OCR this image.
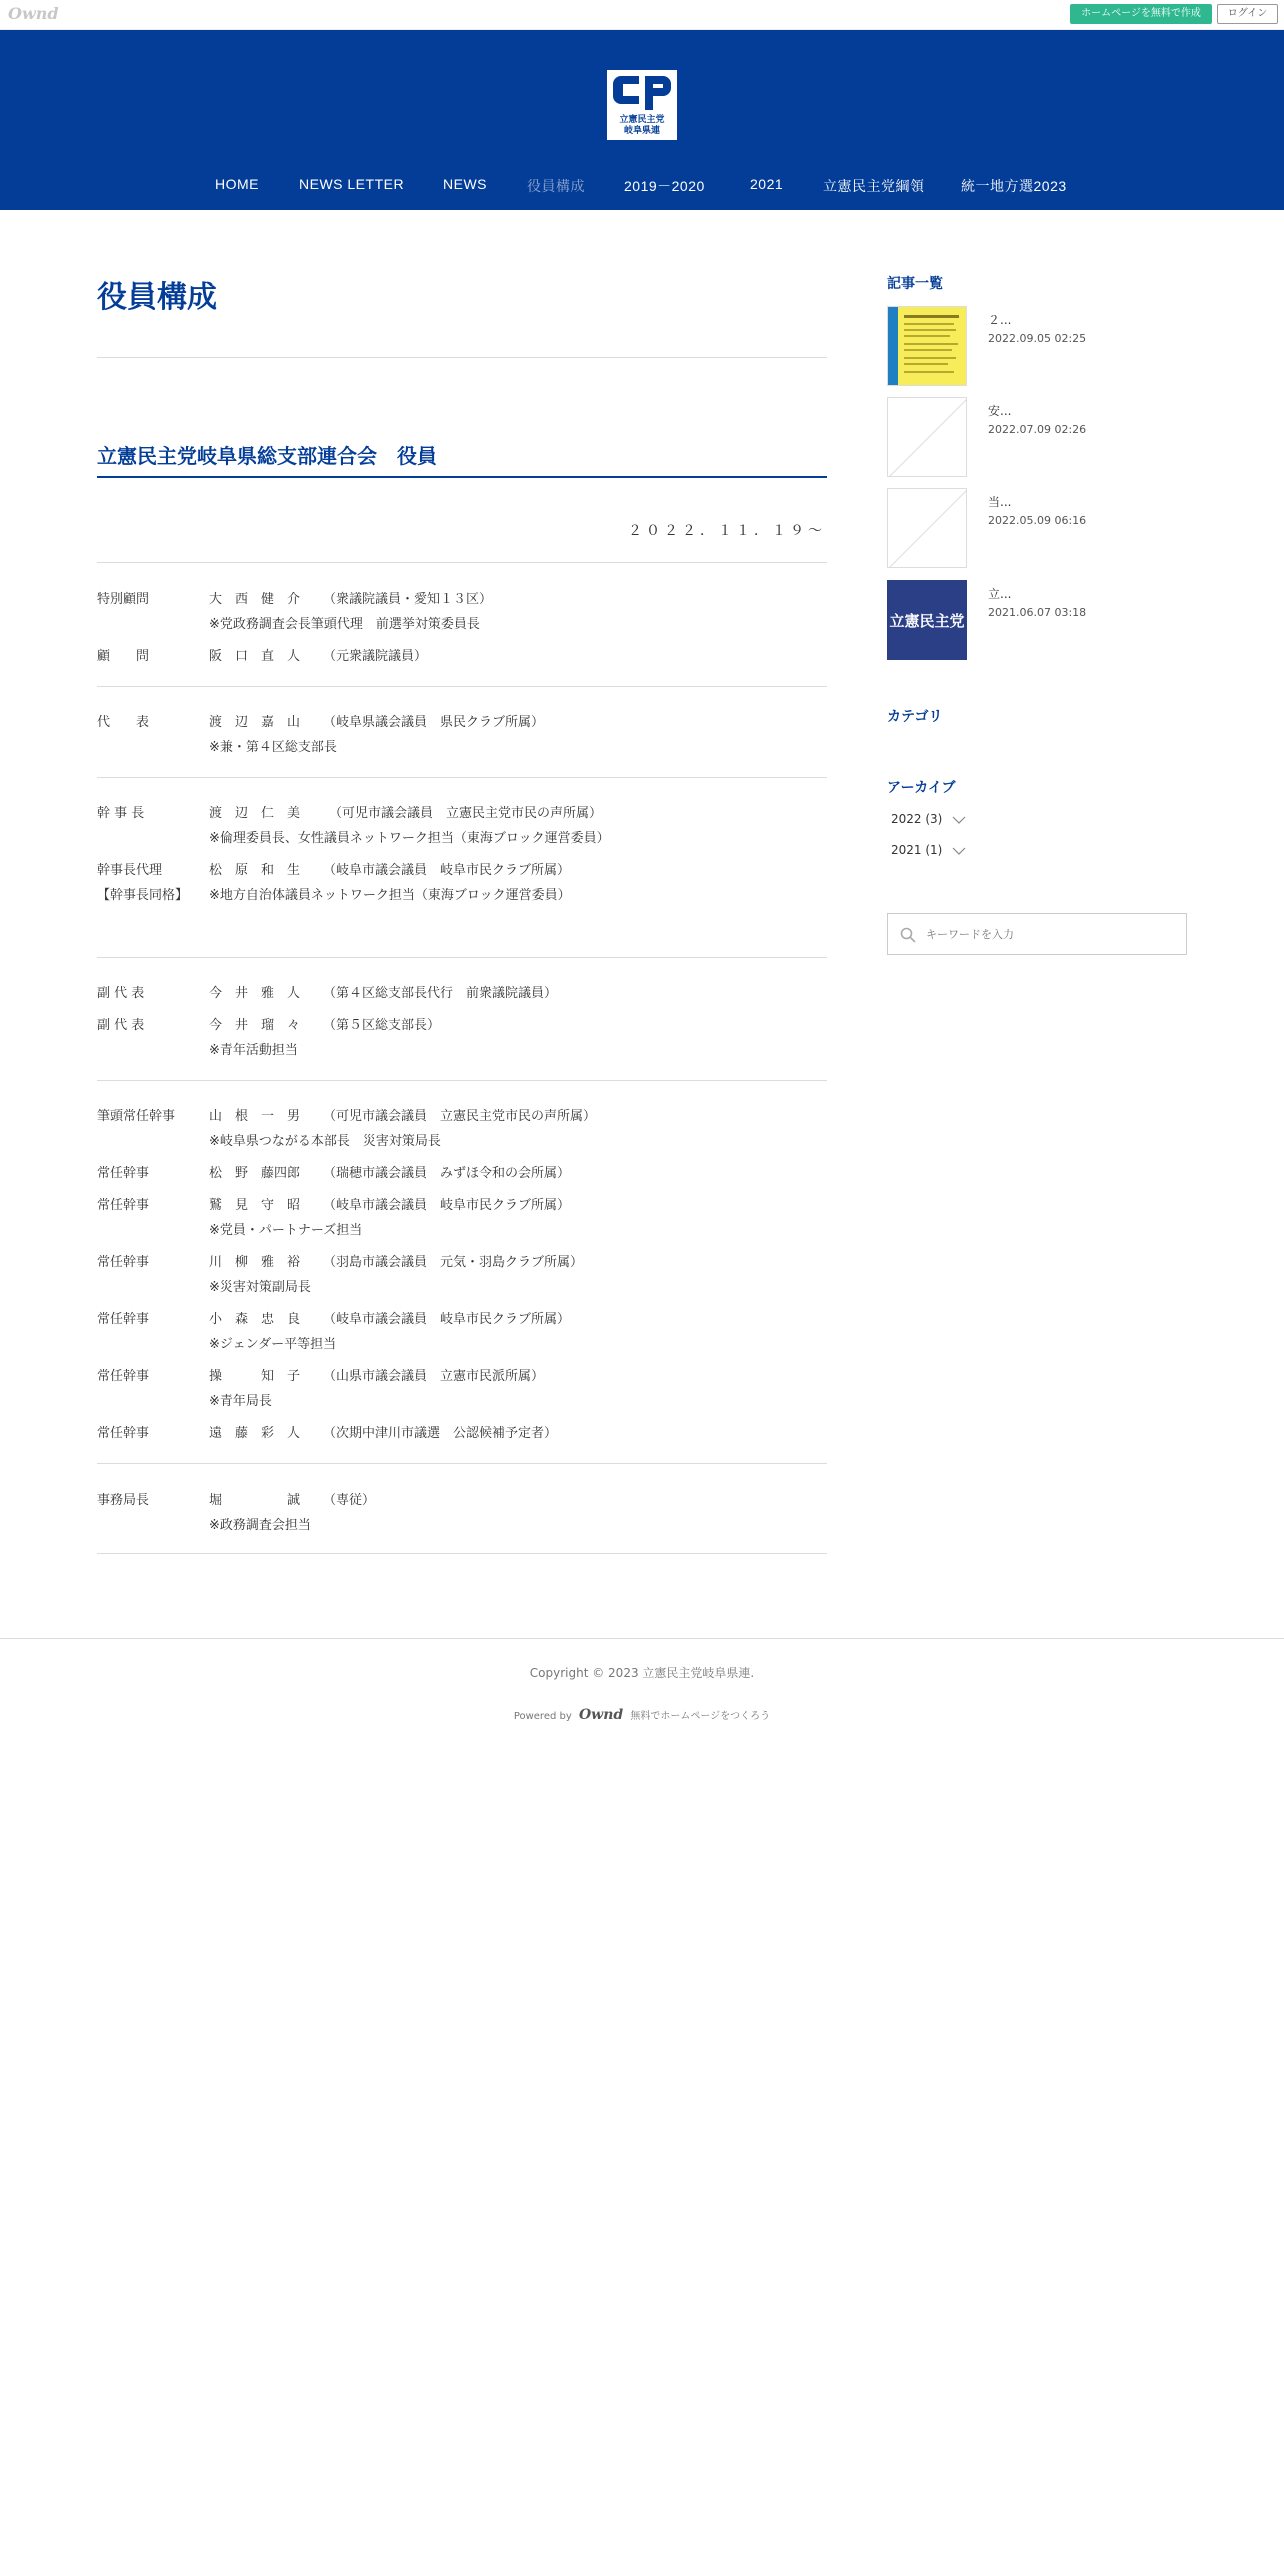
Ownd	ホームページを無料で作成	ログイン
立憲民主党
岐阜県連
HOME	NEWS LETTER	NEWS	役員構成	2019－2020	2021	立憲民主党綱領	統一地方選2023
役員構成
立憲民主党岐阜県総支部連合会　役員
２０２２．１１．１９～
特別顧問	大　西　健　介 （衆議院議員・愛知１３区）
※党政務調査会長筆頭代理　前選挙対策委員長
顧　　問	阪　口　直　人 （元衆議院議員）
代　　表	渡　辺　嘉　山 （岐阜県議会議員　県民クラブ所属）
※兼・第４区総支部長
幹 事 長	渡　辺　仁　美 （可児市議会議員　立憲民主党市民の声所属）
※倫理委員長、女性議員ネットワーク担当（東海ブロック運営委員）
幹事長代理	松　原　和　生 （岐阜市議会議員　岐阜市民クラブ所属）
【幹事長同格】 ※地方自治体議員ネットワーク担当（東海ブロック運営委員）
副 代 表	今　井　雅　人 （第４区総支部長代行　前衆議院議員）
副 代 表	今　井　瑠　々 （第５区総支部長）
※青年活動担当
筆頭常任幹事	山　根　一　男 （可児市議会議員　立憲民主党市民の声所属）
※岐阜県つながる本部長　災害対策局長
常任幹事	松　野　藤四郎 （瑞穂市議会議員　みずほ令和の会所属）
常任幹事	鷲　見　守　昭 （岐阜市議会議員　岐阜市民クラブ所属）
※党員・パートナーズ担当
常任幹事	川　柳　雅　裕 （羽島市議会議員　元気・羽島クラブ所属）
※災害対策副局長
常任幹事	小　森　忠　良 （岐阜市議会議員　岐阜市民クラブ所属）
※ジェンダー平等担当
常任幹事	操　　　知　子 （山県市議会議員　立憲市民派所属）
※青年局長
常任幹事	遠　藤　彩　人 （次期中津川市議選　公認候補予定者）
事務局長	堀　　　　　誠 （専従）
※政務調査会担当
記事一覧
２...
2022.09.05 02:25
安...
2022.07.09 02:26
当...
2022.05.09 06:16
立憲民主党
立...
2021.06.07 03:18
カテゴリ
アーカイブ
2022 (3)
2021 (1)
キーワードを入力
Copyright © 2023 立憲民主党岐阜県連.
Powered by Ownd 無料でホームページをつくろう
